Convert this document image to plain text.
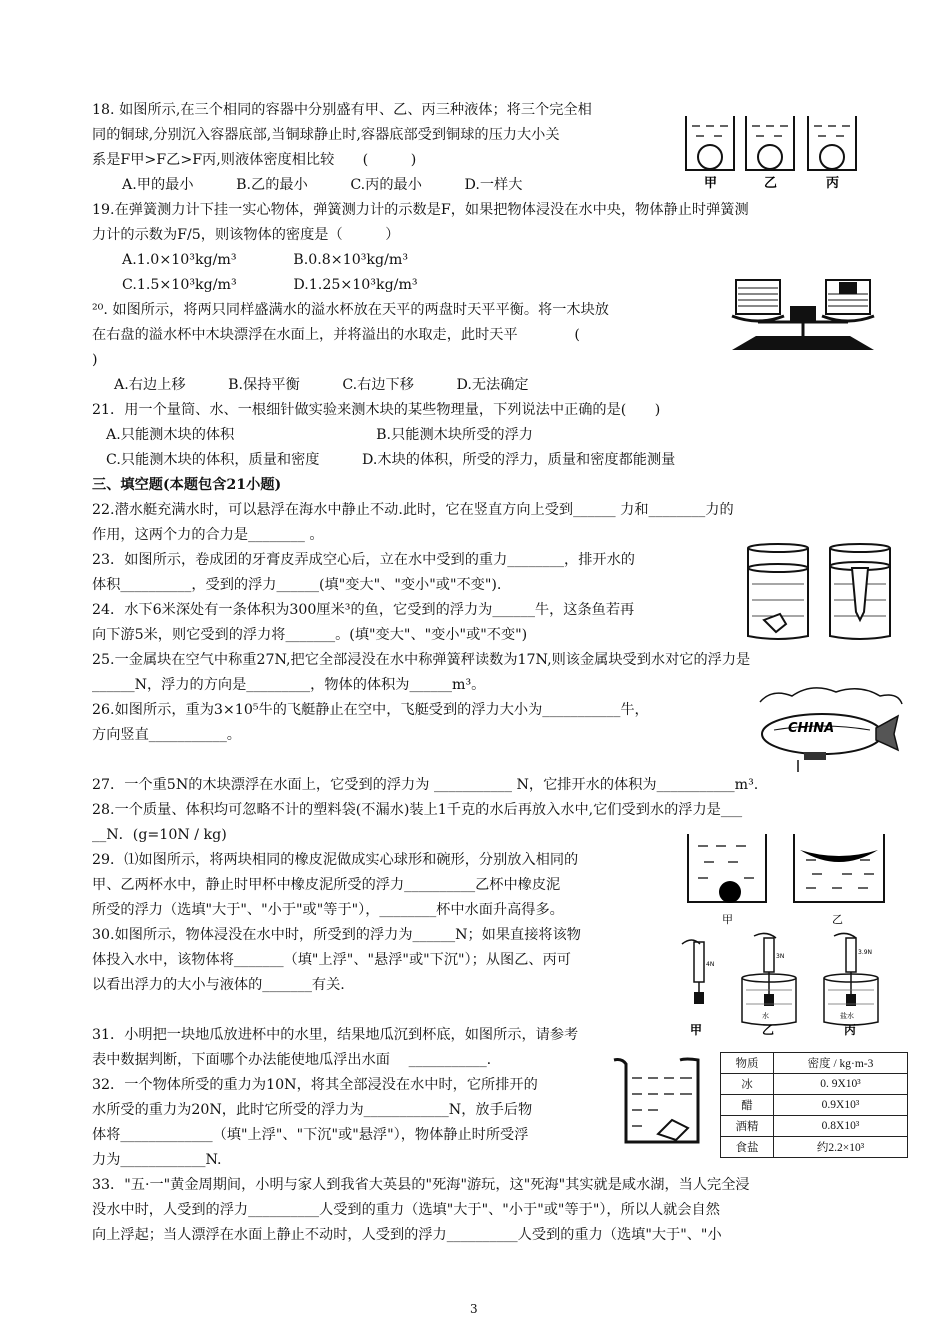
18. 如图所示,在三个相同的容器中分别盛有甲、乙、丙三种液体；将三个完全相
同的铜球,分别沉入容器底部,当铜球静止时,容器底部受到铜球的压力大小关
系是F甲>F乙>F丙,则液体密度相比较　　(　　　)
A.甲的最小　　　B.乙的最小　　　C.丙的最小　　　D.一样大
19.在弹簧测力计下挂一实心物体，弹簧测力计的示数是F，如果把物体浸没在水中央，物体静止时弹簧测
力计的示数为F/5，则该物体的密度是（　　　）
A.1.0×10³kg/m³　　　　B.0.8×10³kg/m³
C.1.5×10³kg/m³　　　　D.1.25×10³kg/m³
²⁰. 如图所示，将两只同样盛满水的溢水杯放在天平的两盘时天平平衡。将一木块放
在右盘的溢水杯中木块漂浮在水面上，并将溢出的水取走，此时天平　　　　(
)
A.右边上移　　　B.保持平衡　　　C.右边下移　　　D.无法确定
21．用一个量筒、水、一根细针做实验来测木块的某些物理量，下列说法中正确的是(　　)
A.只能测木块的体积　　　　　　　　　　B.只能测木块所受的浮力
C.只能测木块的体积，质量和密度　　　D.木块的体积，所受的浮力，质量和密度都能测量
三、填空题(本题包含21小题)
22.潜水艇充满水时，可以悬浮在海水中静止不动.此时，它在竖直方向上受到______ 力和________力的
作用，这两个力的合力是________ 。
23．如图所示，卷成团的牙膏皮弄成空心后，立在水中受到的重力________，排开水的
体积__________，受到的浮力______(填"变大"、"变小"或"不变").
24．水下6米深处有一条体积为300厘米³的鱼，它受到的浮力为______牛，这条鱼若再
向下游5米，则它受到的浮力将_______。(填"变大"、"变小"或"不变")
25.一金属块在空气中称重27N,把它全部浸没在水中称弹簧秤读数为17N,则该金属块受到水对它的浮力是
______N，浮力的方向是_________，物体的体积为______m³。
26.如图所示，重为3×10⁵牛的飞艇静止在空中，飞艇受到的浮力大小为___________牛，
方向竖直___________。
27．一个重5N的木块漂浮在水面上，它受到的浮力为 ___________ N，它排开水的体积为___________m³.
28.一个质量、体积均可忽略不计的塑料袋(不漏水)装上1千克的水后再放入水中,它们受到水的浮力是___
__N．(g=10N / kg)
29．⑴如图所示，将两块相同的橡皮泥做成实心球形和碗形，分别放入相同的
甲、乙两杯水中，静止时甲杯中橡皮泥所受的浮力__________乙杯中橡皮泥
所受的浮力（选填"大于"、"小于"或"等于"），________杯中水面升高得多。
30.如图所示，物体浸没在水中时，所受到的浮力为______N；如果直接将该物
体投入水中，该物体将_______（填"上浮"、"悬浮"或"下沉"）；从图乙、丙可
以看出浮力的大小与液体的_______有关.
31．小明把一块地瓜放进杯中的水里，结果地瓜沉到杯底，如图所示，请参考
表中数据判断，下面哪个办法能使地瓜浮出水面　 ___________.
32．一个物体所受的重力为10N，将其全部浸没在水中时，它所排开的
水所受的重力为20N，此时它所受的浮力为____________N，放手后物
体将_____________（填"上浮"、"下沉"或"悬浮"），物体静止时所受浮
力为____________N.
33．"五·一"黄金周期间，小明与家人到我省大英县的"死海"游玩，这"死海"其实就是咸水湖，当人完全浸
没水中时，人受到的浮力__________人受到的重力（选填"大于"、"小于"或"等于"），所以人就会自然
向上浮起；当人漂浮在水面上静止不动时，人受到的浮力__________人受到的重力（选填"大于"、"小
甲	乙	丙
CHINA
甲	乙
4N
3N
水
3.9N
盐水
甲	乙	丙
物质	密度 / kg·m-3
冰	0. 9X10³
醋	0.9X10³
酒精	0.8X10³
食盐	约2.2×10³
3
